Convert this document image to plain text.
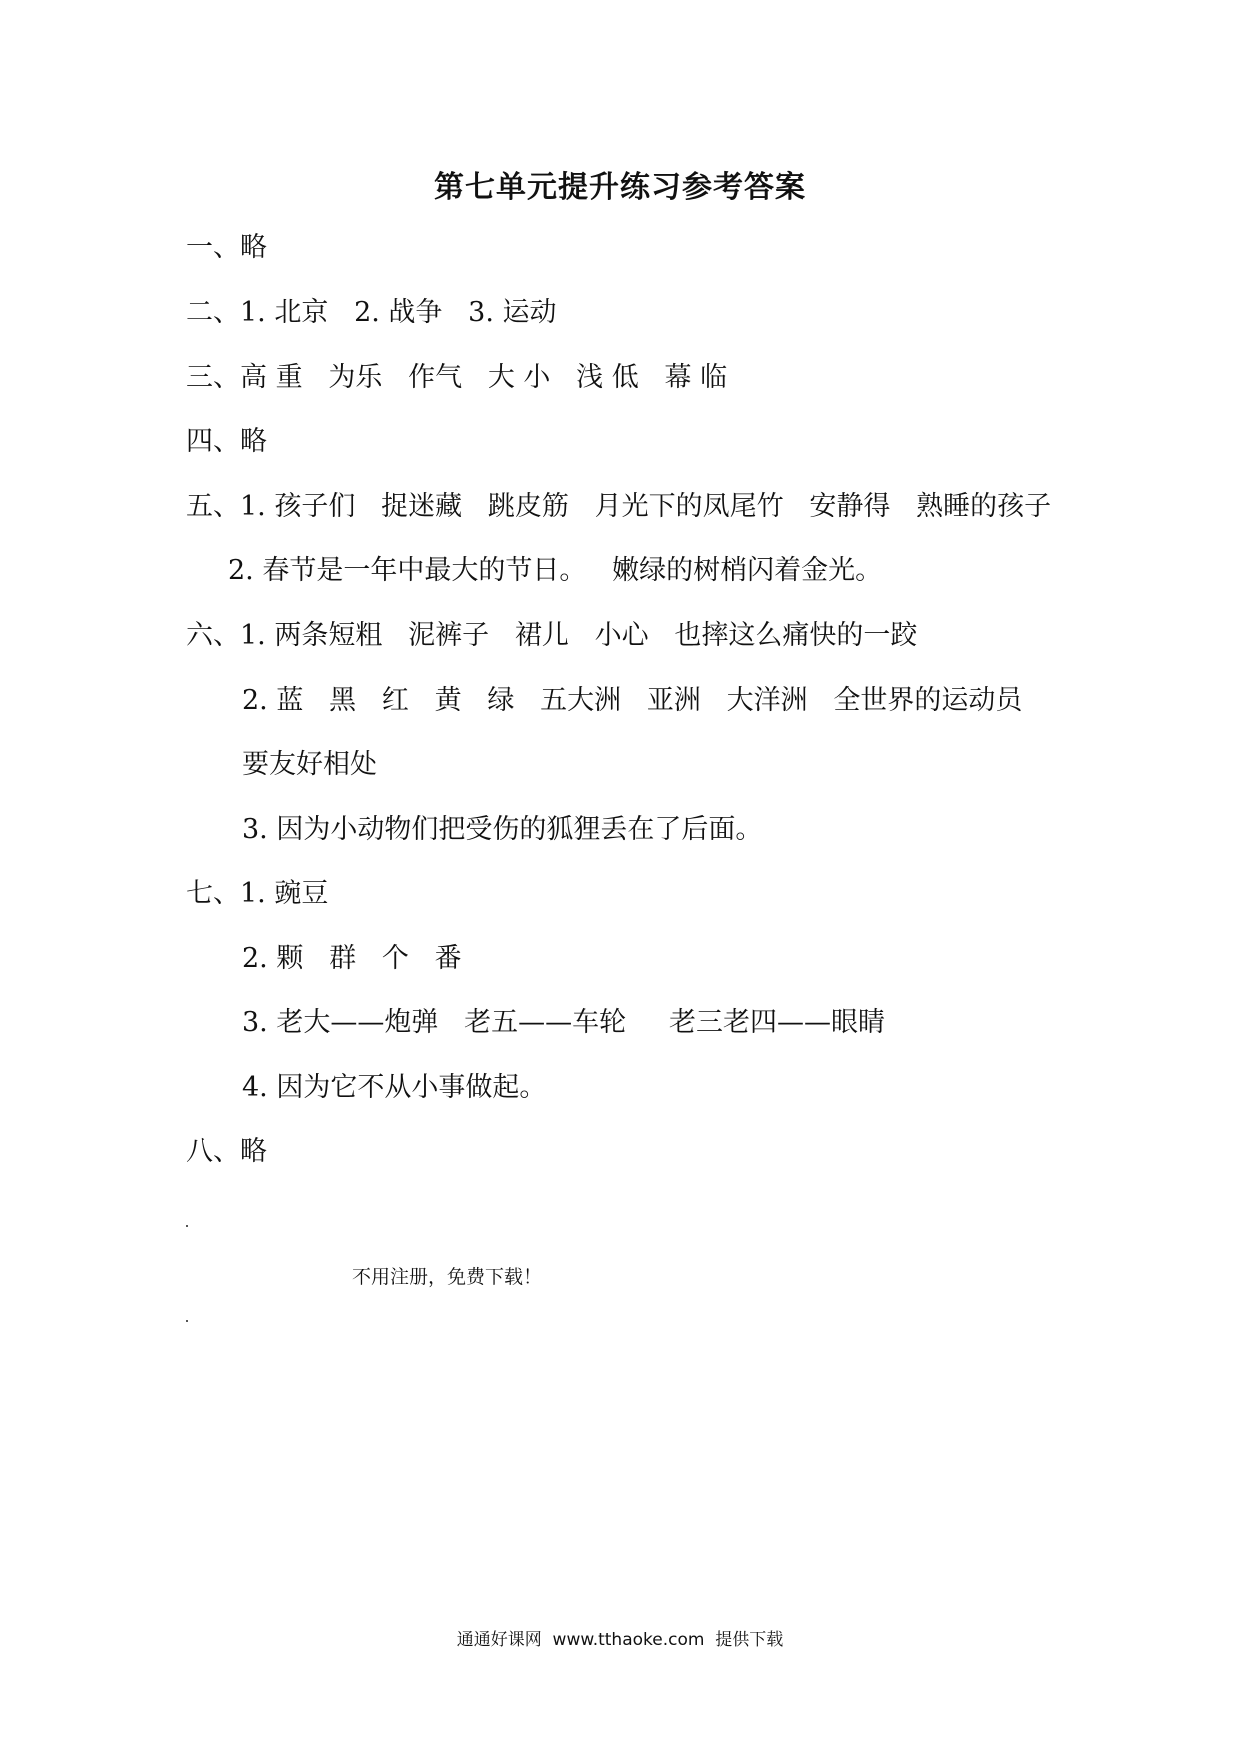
第七单元提升练习参考答案
一、略
二、1. 北京   2. 战争   3. 运动
三、高 重   为乐   作气   大 小   浅 低   幕 临
四、略
五、1. 孩子们   捉迷藏   跳皮筋   月光下的凤尾竹   安静得   熟睡的孩子
2. 春节是一年中最大的节日。   嫩绿的树梢闪着金光。
六、1. 两条短粗   泥裤子   裙儿   小心   也摔这么痛快的一跤
2. 蓝   黑   红   黄   绿   五大洲   亚洲   大洋洲   全世界的运动员
要友好相处
3. 因为小动物们把受伤的狐狸丢在了后面。
七、1. 豌豆
2. 颗   群   个   番
3. 老大——炮弹   老五——车轮     老三老四——眼睛
4. 因为它不从小事做起。
八、略
不用注册，免费下载！
通通好课网  www.tthaoke.com  提供下载
